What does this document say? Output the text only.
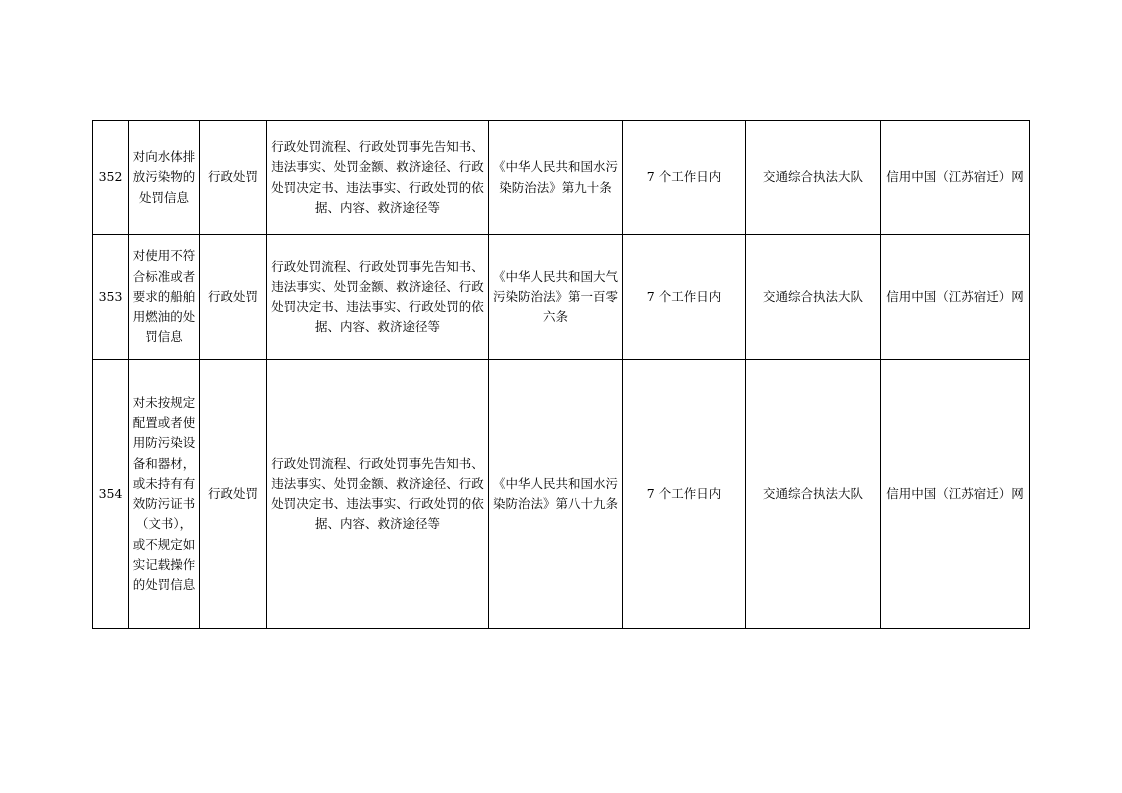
352	对向水体排放污染物的处罚信息	行政处罚	行政处罚流程、行政处罚事先告知书、违法事实、处罚金额、救济途径、行政处罚决定书、违法事实、行政处罚的依据、内容、救济途径等	《中华人民共和国水污染防治法》第九十条	7 个工作日内	交通综合执法大队	信用中国（江苏宿迁）网
353	对使用不符合标准或者要求的船舶用燃油的处罚信息	行政处罚	行政处罚流程、行政处罚事先告知书、违法事实、处罚金额、救济途径、行政处罚决定书、违法事实、行政处罚的依据、内容、救济途径等	《中华人民共和国大气污染防治法》第一百零六条	7 个工作日内	交通综合执法大队	信用中国（江苏宿迁）网
354	对未按规定配置或者使用防污染设备和器材，或未持有有效防污证书（文书），或不规定如实记载操作的处罚信息	行政处罚	行政处罚流程、行政处罚事先告知书、违法事实、处罚金额、救济途径、行政处罚决定书、违法事实、行政处罚的依据、内容、救济途径等	《中华人民共和国水污染防治法》第八十九条	7 个工作日内	交通综合执法大队	信用中国（江苏宿迁）网
